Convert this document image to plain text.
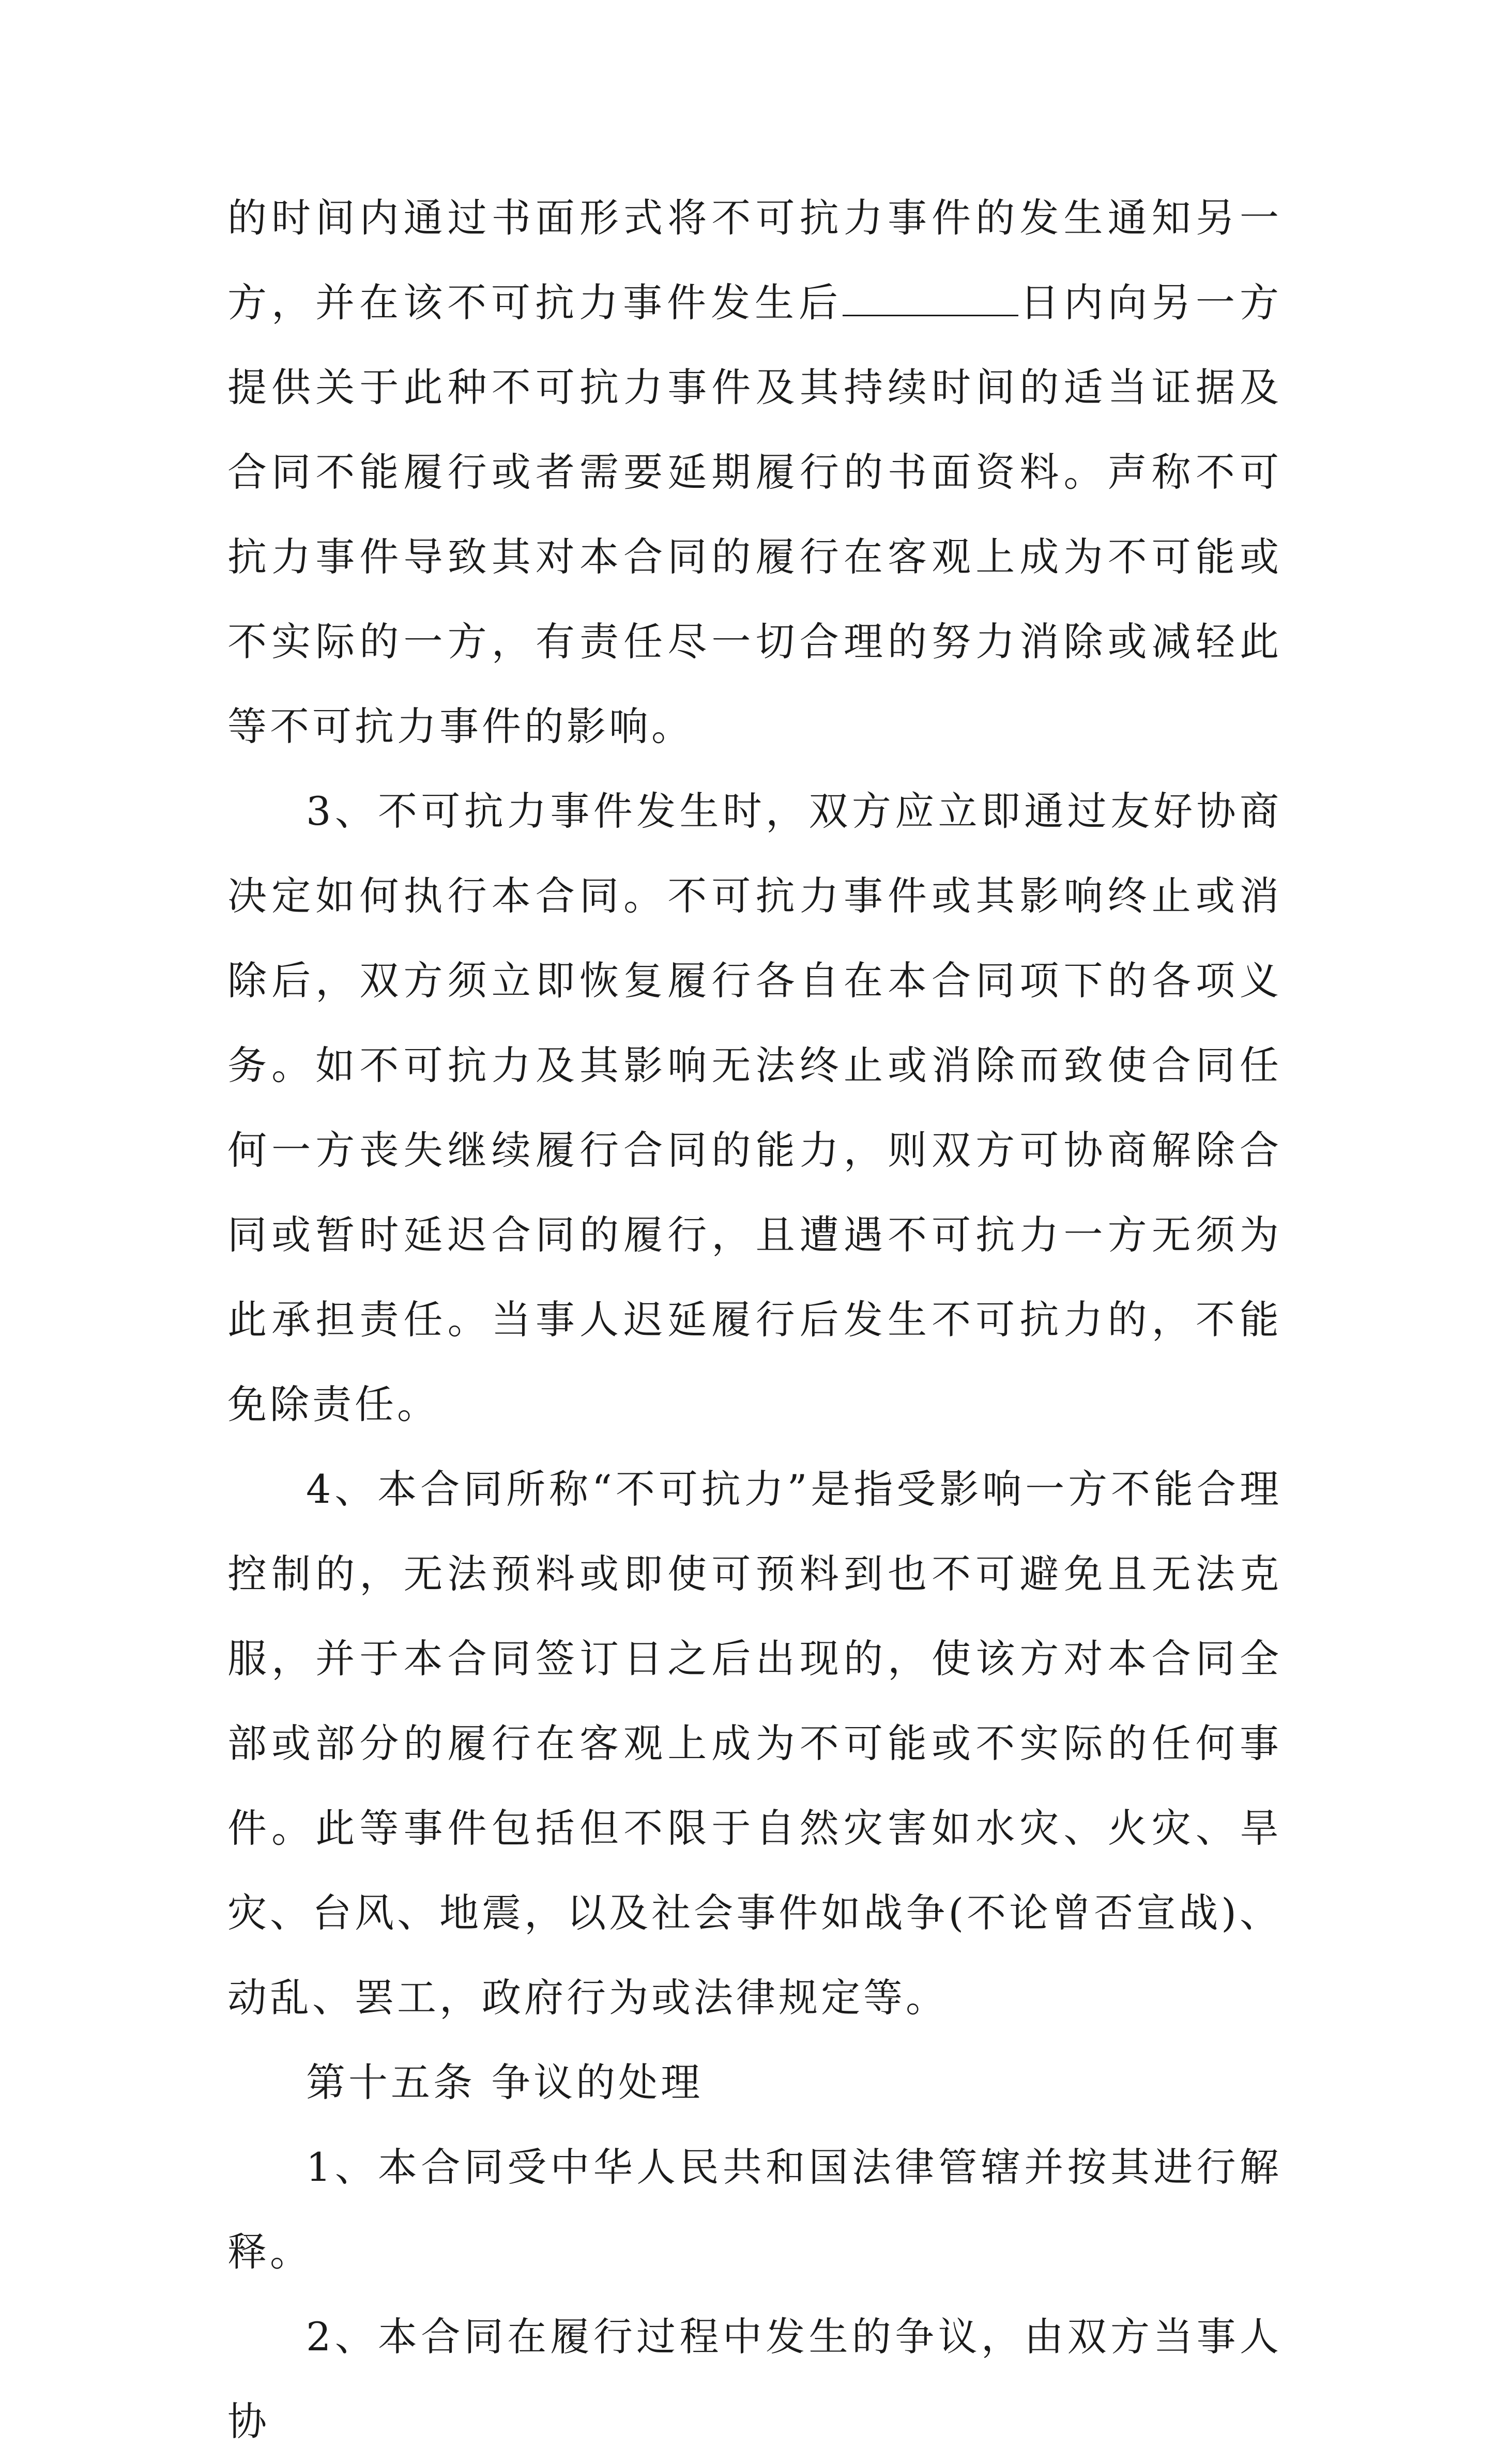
的时间内通过书面形式将不可抗力事件的发生通知另一方，并在该不可抗力事件发生后	日内向另一方提供关于此种不可抗力事件及其持续时间的适当证据及合同不能履行或者需要延期履行的书面资料。声称不可抗力事件导致其对本合同的履行在客观上成为不可能或不实际的一方，有责任尽一切合理的努力消除或减轻此等不可抗力事件的影响。

3、不可抗力事件发生时，双方应立即通过友好协商决定如何执行本合同。不可抗力事件或其影响终止或消除后，双方须立即恢复履行各自在本合同项下的各项义务。如不可抗力及其影响无法终止或消除而致使合同任何一方丧失继续履行合同的能力，则双方可协商解除合同或暂时延迟合同的履行，且遭遇不可抗力一方无须为此承担责任。当事人迟延履行后发生不可抗力的，不能免除责任。

4、本合同所称“不可抗力”是指受影响一方不能合理控制的，无法预料或即使可预料到也不可避免且无法克服，并于本合同签订日之后出现的，使该方对本合同全部或部分的履行在客观上成为不可能或不实际的任何事件。此等事件包括但不限于自然灾害如水灾、火灾、旱灾、台风、地震，以及社会事件如战争(不论曾否宣战)、动乱、罢工，政府行为或法律规定等。

第十五条 争议的处理

1、本合同受中华人民共和国法律管辖并按其进行解释。

2、本合同在履行过程中发生的争议，由双方当事人协
